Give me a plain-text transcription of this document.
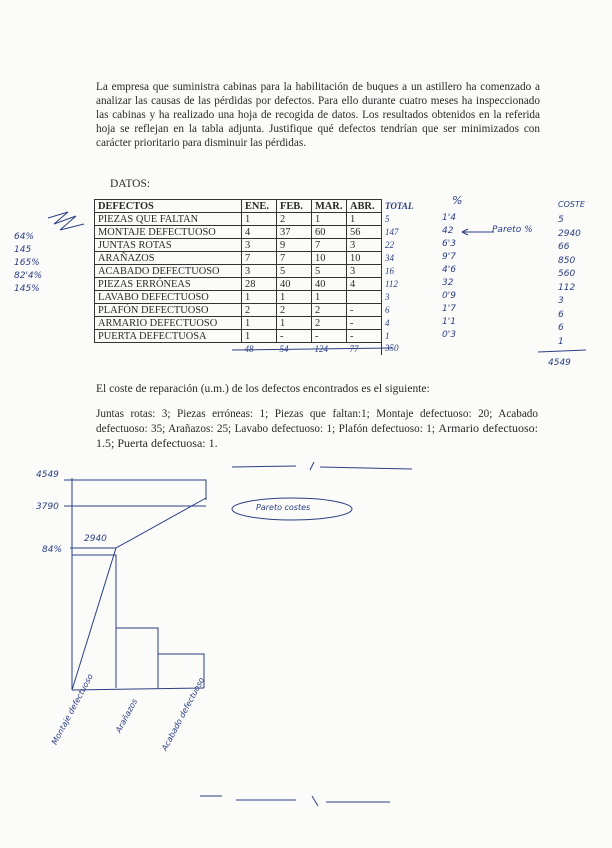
La empresa que suministra cabinas para la habilitación de buques a un astillero ha comenzado a analizar las causas de las pérdidas por defectos. Para ello durante cuatro meses ha inspeccionado las cabinas y ha realizado una hoja de recogida de datos. Los resultados obtenidos en la referida hoja se reflejan en la tabla adjunta. Justifique qué defectos tendrían que ser minimizados con carácter prioritario para disminuir las pérdidas.

DATOS:

DEFECTOS	ENE.	FEB.	MAR.	ABR.	TOTAL
PIEZAS QUE FALTAN	1	2	1	1	5
MONTAJE DEFECTUOSO	4	37	60	56	147
JUNTAS ROTAS	3	9	7	3	22
ARAÑAZOS	7	7	10	10	34
ACABADO DEFECTUOSO	3	5	5	3	16
PIEZAS ERRÓNEAS	28	40	40	4	112
LAVABO DEFECTUOSO	1	1	1		3
PLAFÓN DEFECTUOSO	2	2	2	-	6
ARMARIO DEFECTUOSO	1	1	2	-	4
PUERTA DEFECTUOSA	1	-	-	-	1
	48	54	124	77	350

El coste de reparación (u.m.) de los defectos encontrados es el siguiente:

Juntas rotas: 3; Piezas erróneas: 1; Piezas que faltan:1; Montaje defectuoso: 20; Acabado defectuoso: 35; Arañazos: 25; Lavabo defectuoso: 1; Plafón defectuoso: 1; Armario defectuoso: 1.5; Puerta defectuosa: 1.

%
1'4
42
6'3
9'7
4'6
32
0'9
1'7
1'1
0'3
Pareto %
COSTE
5
2940
66
850
560
112
3
6
6
1
4549
64%
145
165%
82'4%
145%
4549
3790
2940
84%
Pareto costes
Montaje defectuoso Arañazos	Acabado defectuoso
